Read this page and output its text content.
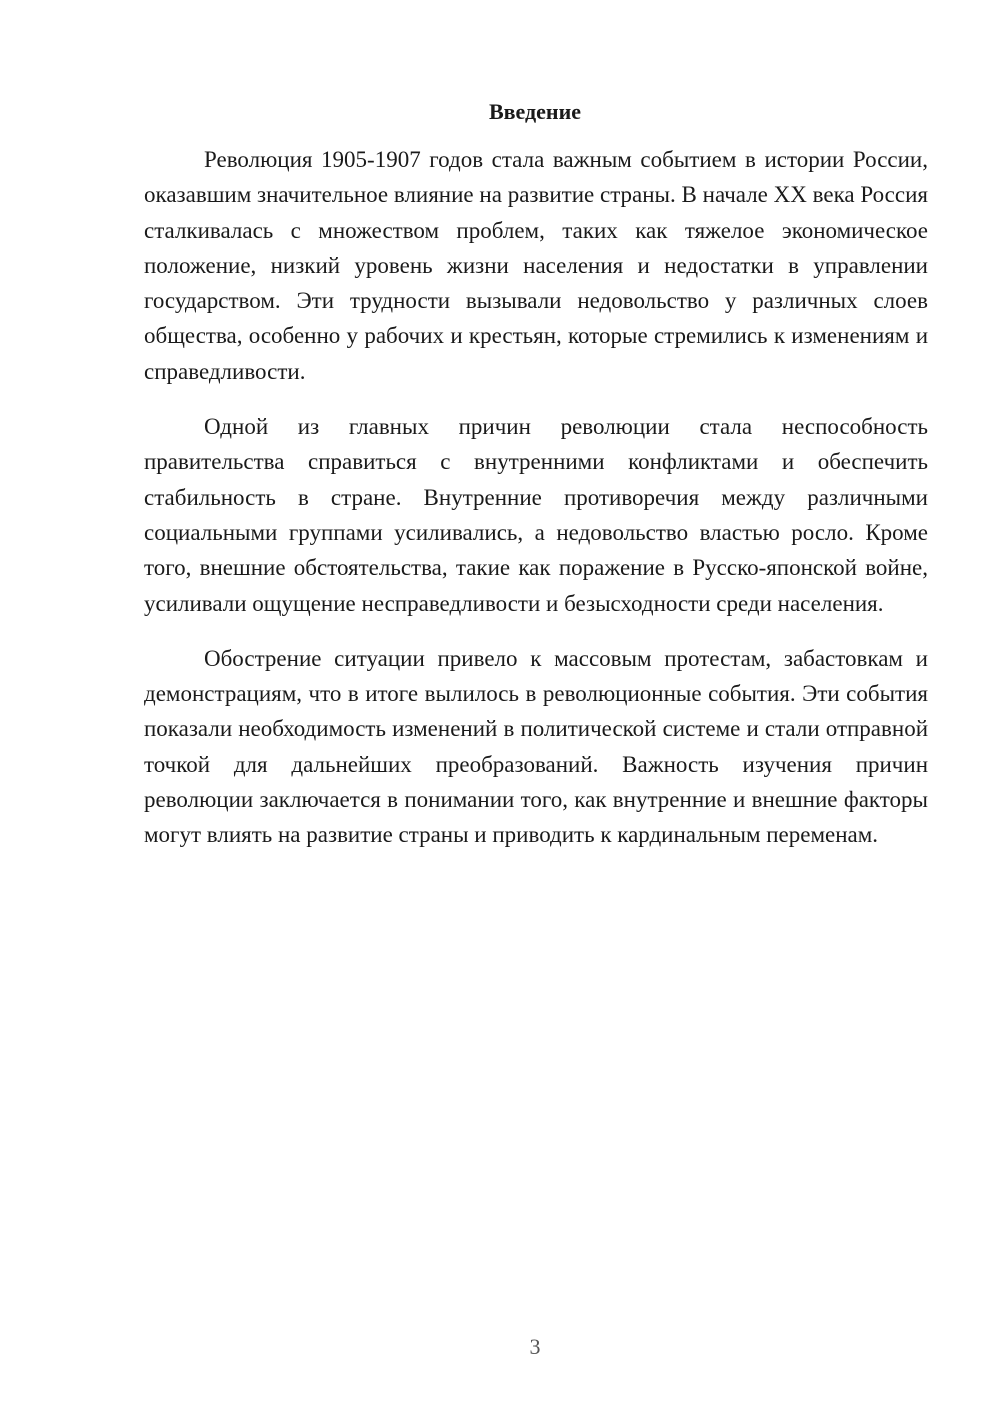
Введение

Революция 1905-1907 годов стала важным событием в истории России, оказавшим значительное влияние на развитие страны. В начале XX века Россия сталкивалась с множеством проблем, таких как тяжелое экономическое положение, низкий уровень жизни населения и недостатки в управлении государством. Эти трудности вызывали недовольство у различных слоев общества, особенно у рабочих и крестьян, которые стремились к изменениям и справедливости.

Одной из главных причин революции стала неспособность правительства справиться с внутренними конфликтами и обеспечить стабильность в стране. Внутренние противоречия между различными социальными группами усиливались, а недовольство властью росло. Кроме того, внешние обстоятельства, такие как поражение в Русско-японской войне, усиливали ощущение несправедливости и безысходности среди населения.

Обострение ситуации привело к массовым протестам, забастовкам и демонстрациям, что в итоге вылилось в революционные события. Эти события показали необходимость изменений в политической системе и стали отправной точкой для дальнейших преобразований. Важность изучения причин революции заключается в понимании того, как внутренние и внешние факторы могут влиять на развитие страны и приводить к кардинальным переменам.

3
